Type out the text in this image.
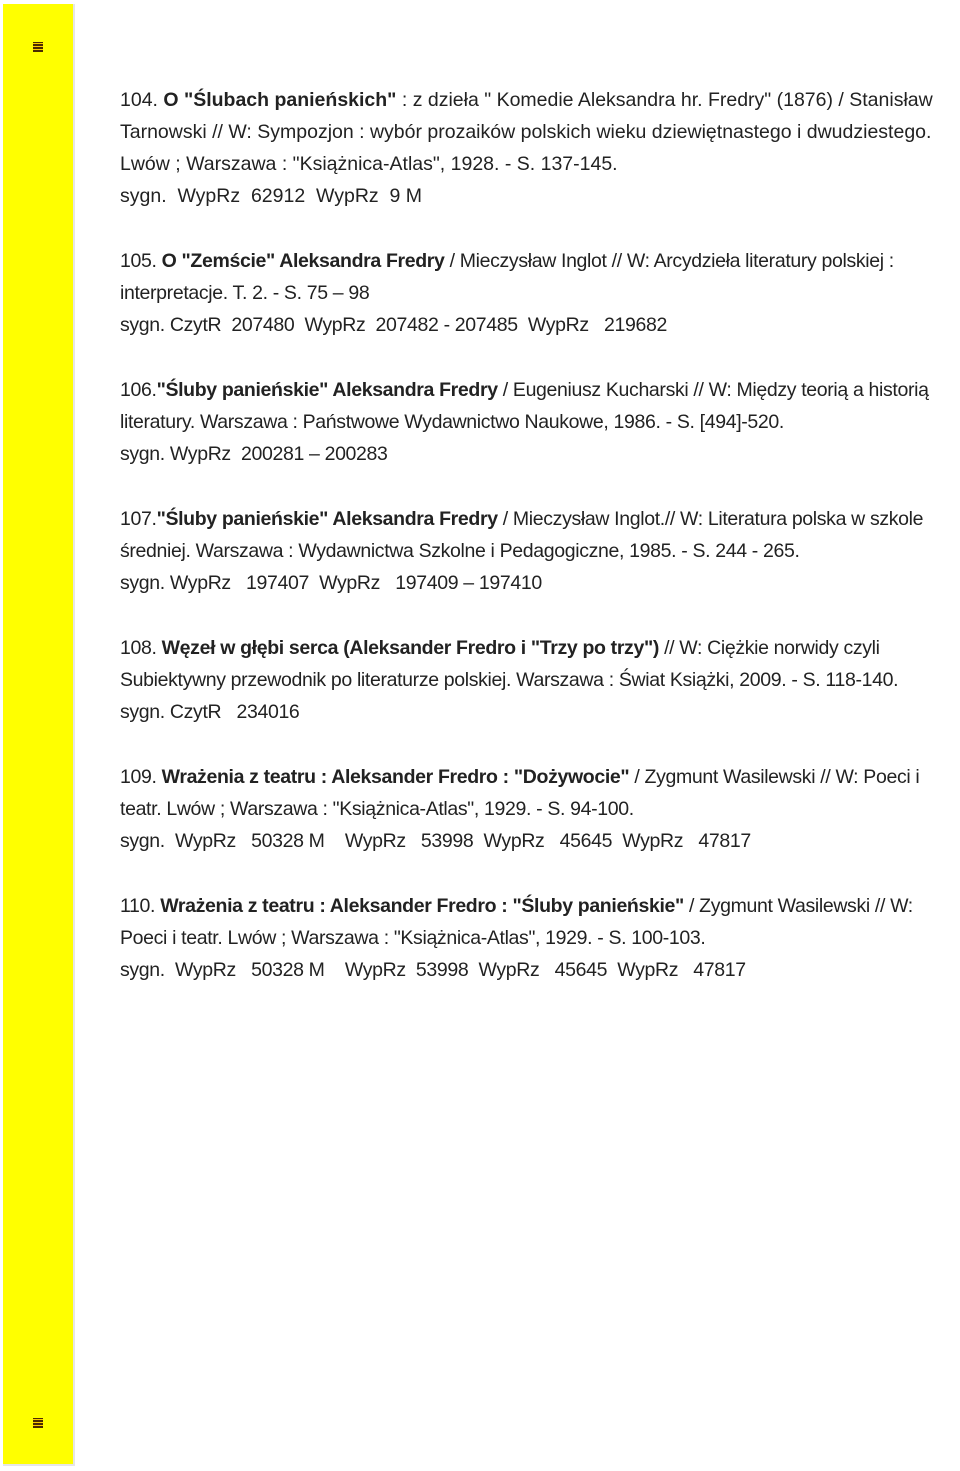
104. O "Ślubach panieńskich" : z dzieła " Komedie Aleksandra hr. Fredry" (1876) / Stanisław Tarnowski // W: Sympozjon : wybór prozaików polskich wieku dziewiętnastego i dwudziestego. Lwów ; Warszawa : "Książnica-Atlas", 1928. - S. 137-145.

sygn.  WypRz  62912  WypRz  9 M

105. O "Zemście" Aleksandra Fredry / Mieczysław Inglot // W: Arcydzieła literatury polskiej : interpretacje. T. 2. - S. 75 – 98

sygn. CzytR  207480  WypRz  207482 - 207485  WypRz   219682

106."Śluby panieńskie" Aleksandra Fredry / Eugeniusz Kucharski // W: Między teorią a historią literatury. Warszawa : Państwowe Wydawnictwo Naukowe, 1986. - S. [494]-520.

sygn. WypRz  200281 – 200283

107."Śluby panieńskie" Aleksandra Fredry / Mieczysław Inglot.// W: Literatura polska w szkole średniej. Warszawa : Wydawnictwa Szkolne i Pedagogiczne, 1985. - S. 244 - 265.

sygn. WypRz   197407  WypRz   197409 – 197410

108. Węzeł w głębi serca (Aleksander Fredro i "Trzy po trzy") // W: Ciężkie norwidy czyli Subiektywny przewodnik po literaturze polskiej. Warszawa : Świat Książki, 2009. - S. 118-140.

sygn. CzytR   234016

109. Wrażenia z teatru : Aleksander Fredro : "Dożywocie" / Zygmunt Wasilewski // W: Poeci i teatr. Lwów ; Warszawa : "Książnica-Atlas", 1929. - S. 94-100.

sygn.  WypRz   50328 M    WypRz   53998  WypRz   45645  WypRz   47817

110. Wrażenia z teatru : Aleksander Fredro : "Śluby panieńskie" / Zygmunt Wasilewski // W: Poeci i teatr. Lwów ; Warszawa : "Książnica-Atlas", 1929. - S. 100-103.

sygn.  WypRz   50328 M    WypRz  53998  WypRz   45645  WypRz   47817
